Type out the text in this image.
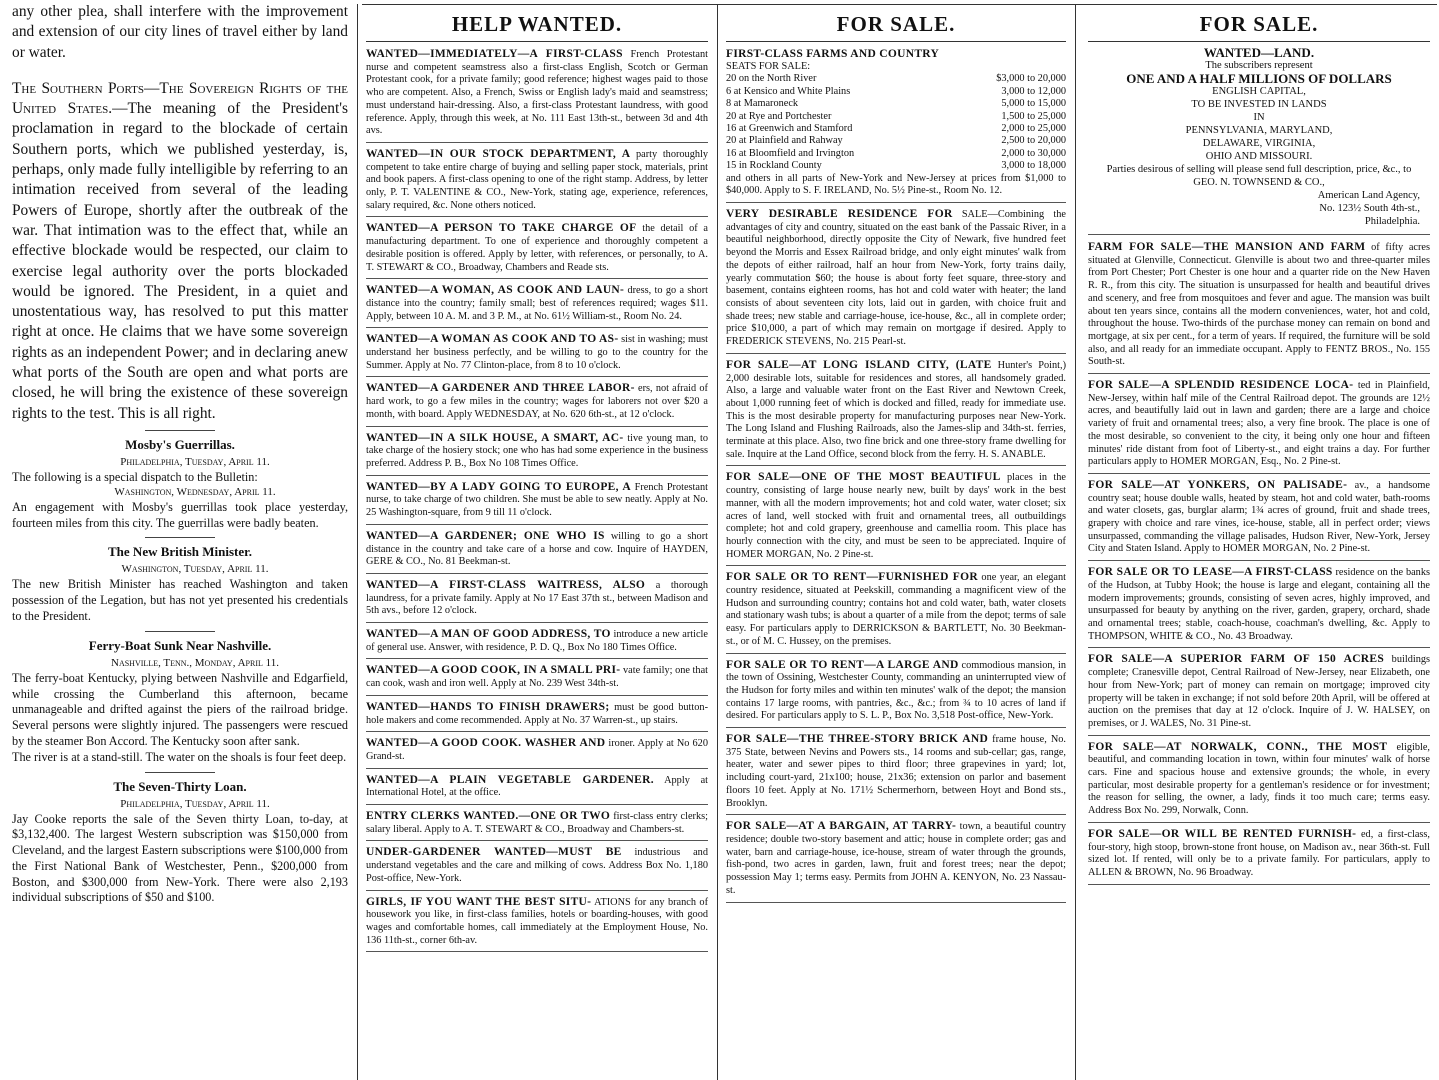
any other plea, shall interfere with the improvement and extension of our city lines of travel either by land or water.

The Southern Ports—The Sovereign Rights of the United States.—The meaning of the President's proclamation in regard to the blockade of certain Southern ports, which we published yesterday, is, perhaps, only made fully intelligible by referring to an intimation received from several of the leading Powers of Europe, shortly after the outbreak of the war. That intimation was to the effect that, while an effective blockade would be respected, our claim to exercise legal authority over the ports blockaded would be ignored. The President, in a quiet and unostentatious way, has resolved to put this matter right at once. He claims that we have some sovereign rights as an independent Power; and in declaring anew what ports of the South are open and what ports are closed, he will bring the existence of these sovereign rights to the test. This is all right.

Mosby's Guerrillas.
Philadelphia, Tuesday, April 11.

The following is a special dispatch to the Bulletin:

Washington, Wednesday, April 11.

An engagement with Mosby's guerrillas took place yesterday, fourteen miles from this city. The guerrillas were badly beaten.

The New British Minister.
Washington, Tuesday, April 11.

The new British Minister has reached Washington and taken possession of the Legation, but has not yet presented his credentials to the President.

Ferry-Boat Sunk Near Nashville.
Nashville, Tenn., Monday, April 11.

The ferry-boat Kentucky, plying between Nashville and Edgarfield, while crossing the Cumberland this afternoon, became unmanageable and drifted against the piers of the railroad bridge. Several persons were slightly injured. The passengers were rescued by the steamer Bon Accord. The Kentucky soon after sank.

The river is at a stand-still. The water on the shoals is four feet deep.

The Seven-Thirty Loan.
Philadelphia, Tuesday, April 11.

Jay Cooke reports the sale of the Seven thirty Loan, to-day, at $3,132,400. The largest Western subscription was $150,000 from Cleveland, and the largest Eastern subscriptions were $100,000 from the First National Bank of Westchester, Penn., $200,000 from Boston, and $300,000 from New-York. There were also 2,193 individual subscriptions of $50 and $100.

HELP WANTED.
WANTED—IMMEDIATELY—A FIRST-CLASS French Protestant nurse and competent seamstress also a first-class English, Scotch or German Protestant cook, for a private family; good reference; highest wages paid to those who are competent. Also, a French, Swiss or English lady's maid and seamstress; must understand hair-dressing. Also, a first-class Protestant laundress, with good reference. Apply, through this week, at No. 111 East 13th-st., between 3d and 4th avs.
WANTED—IN OUR STOCK DEPARTMENT, A party thoroughly competent to take entire charge of buying and selling paper stock, materials, print and book papers. A first-class opening to one of the right stamp. Address, by letter only, P. T. VALENTINE & CO., New-York, stating age, experience, references, salary required, &c. None others noticed.
WANTED—A PERSON TO TAKE CHARGE OF the detail of a manufacturing department. To one of experience and thoroughly competent a desirable position is offered. Apply by letter, with references, or personally, to A. T. STEWART & CO., Broadway, Chambers and Reade sts.
WANTED—A WOMAN, AS COOK AND LAUN- dress, to go a short distance into the country; family small; best of references required; wages $11. Apply, between 10 A. M. and 3 P. M., at No. 61½ William-st., Room No. 24.
WANTED—A WOMAN AS COOK AND TO AS- sist in washing; must understand her business perfectly, and be willing to go to the country for the Summer. Apply at No. 77 Clinton-place, from 8 to 10 o'clock.
WANTED—A GARDENER AND THREE LABOR- ers, not afraid of hard work, to go a few miles in the country; wages for laborers not over $20 a month, with board. Apply WEDNESDAY, at No. 620 6th-st., at 12 o'clock.
WANTED—IN A SILK HOUSE, A SMART, AC- tive young man, to take charge of the hosiery stock; one who has had some experience in the business preferred. Address P. B., Box No 108 Times Office.
WANTED—BY A LADY GOING TO EUROPE, A French Protestant nurse, to take charge of two children. She must be able to sew neatly. Apply at No. 25 Washington-square, from 9 till 11 o'clock.
WANTED—A GARDENER; ONE WHO IS willing to go a short distance in the country and take care of a horse and cow. Inquire of HAYDEN, GERE & CO., No. 81 Beekman-st.
WANTED—A FIRST-CLASS WAITRESS, ALSO a thorough laundress, for a private family. Apply at No 17 East 37th st., between Madison and 5th avs., before 12 o'clock.
WANTED—A MAN OF GOOD ADDRESS, TO introduce a new article of general use. Answer, with residence, P. D. Q., Box No 180 Times Office.
WANTED—A GOOD COOK, IN A SMALL PRI- vate family; one that can cook, wash and iron well. Apply at No. 239 West 34th-st.
WANTED—HANDS TO FINISH DRAWERS; must be good button-hole makers and come recommended. Apply at No. 37 Warren-st., up stairs.
WANTED—A GOOD COOK. WASHER AND ironer. Apply at No 620 Grand-st.
WANTED—A PLAIN VEGETABLE GARDENER. Apply at International Hotel, at the office.
ENTRY CLERKS WANTED.—ONE OR TWO first-class entry clerks; salary liberal. Apply to A. T. STEWART & CO., Broadway and Chambers-st.
UNDER-GARDENER WANTED—MUST BE industrious and understand vegetables and the care and milking of cows. Address Box No. 1,180 Post-office, New-York.
GIRLS, IF YOU WANT THE BEST SITU- ATIONS for any branch of housework you like, in first-class families, hotels or boarding-houses, with good wages and comfortable homes, call immediately at the Employment House, No. 136 11th-st., corner 6th-av.
FOR SALE.
FIRST-CLASS FARMS AND COUNTRY
SEATS FOR SALE:
20 on the North River	$3,000 to 20,000
6 at Kensico and White Plains	3,000 to 12,000
8 at Mamaroneck	5,000 to 15,000
20 at Rye and Portchester	1,500 to 25,000
16 at Greenwich and Stamford	2,000 to 25,000
20 at Plainfield and Rahway	2,500 to 20,000
16 at Bloomfield and Irvington	2,000 to 30,000
15 in Rockland County	3,000 to 18,000
and others in all parts of New-York and New-Jersey at prices from $1,000 to $40,000. Apply to S. F. IRELAND, No. 5½ Pine-st., Room No. 12.
VERY DESIRABLE RESIDENCE FOR SALE—Combining the advantages of city and country, situated on the east bank of the Passaic River, in a beautiful neighborhood, directly opposite the City of Newark, five hundred feet beyond the Morris and Essex Railroad bridge, and only eight minutes' walk from the depots of either railroad, half an hour from New-York, forty trains daily, yearly commutation $60; the house is about forty feet square, three-story and basement, contains eighteen rooms, has hot and cold water with heater; the land consists of about seventeen city lots, laid out in garden, with choice fruit and shade trees; new stable and carriage-house, ice-house, &c., all in complete order; price $10,000, a part of which may remain on mortgage if desired. Apply to FREDERICK STEVENS, No. 215 Pearl-st.
FOR SALE—AT LONG ISLAND CITY, (LATE Hunter's Point,) 2,000 desirable lots, suitable for residences and stores, all handsomely graded. Also, a large and valuable water front on the East River and Newtown Creek, about 1,000 running feet of which is docked and filled, ready for immediate use. This is the most desirable property for manufacturing purposes near New-York. The Long Island and Flushing Railroads, also the James-slip and 34th-st. ferries, terminate at this place. Also, two fine brick and one three-story frame dwelling for sale. Inquire at the Land Office, second block from the ferry. H. S. ANABLE.
FOR SALE—ONE OF THE MOST BEAUTIFUL places in the country, consisting of large house nearly new, built by days' work in the best manner, with all the modern improvements; hot and cold water, water closet; six acres of land, well stocked with fruit and ornamental trees, all outbuildings complete; hot and cold grapery, greenhouse and camellia room. This place has hourly connection with the city, and must be seen to be appreciated. Inquire of HOMER MORGAN, No. 2 Pine-st.
FOR SALE OR TO RENT—FURNISHED FOR one year, an elegant country residence, situated at Peekskill, commanding a magnificent view of the Hudson and surrounding country; contains hot and cold water, bath, water closets and stationary wash tubs; is about a quarter of a mile from the depot; terms of sale easy. For particulars apply to DERRICKSON & BARTLETT, No. 30 Beekman-st., or of M. C. Hussey, on the premises.
FOR SALE OR TO RENT—A LARGE AND commodious mansion, in the town of Ossining, Westchester County, commanding an uninterrupted view of the Hudson for forty miles and within ten minutes' walk of the depot; the mansion contains 17 large rooms, with pantries, &c., &c.; from ¾ to 10 acres of land if desired. For particulars apply to S. L. P., Box No. 3,518 Post-office, New-York.
FOR SALE—THE THREE-STORY BRICK AND frame house, No. 375 State, between Nevins and Powers sts., 14 rooms and sub-cellar; gas, range, heater, water and sewer pipes to third floor; three grapevines in yard; lot, including court-yard, 21x100; house, 21x36; extension on parlor and basement floors 10 feet. Apply at No. 171½ Schermerhorn, between Hoyt and Bond sts., Brooklyn.
FOR SALE—AT A BARGAIN, AT TARRY- town, a beautiful country residence; double two-story basement and attic; house in complete order; gas and water, barn and carriage-house, ice-house, stream of water through the grounds, fish-pond, two acres in garden, lawn, fruit and forest trees; near the depot; possession May 1; terms easy. Permits from JOHN A. KENYON, No. 23 Nassau-st.
FOR SALE.
WANTED—LAND.
The subscribers represent
ONE AND A HALF MILLIONS OF DOLLARS
ENGLISH CAPITAL,
TO BE INVESTED IN LANDS
IN
PENNSYLVANIA, MARYLAND,
DELAWARE, VIRGINIA,
OHIO AND MISSOURI.
Parties desirous of selling will please send full description, price, &c., to
GEO. N. TOWNSEND & CO.,
American Land Agency,
No. 123½ South 4th-st.,
Philadelphia.
FARM FOR SALE—THE MANSION AND FARM of fifty acres situated at Glenville, Connecticut. Glenville is about two and three-quarter miles from Port Chester; Port Chester is one hour and a quarter ride on the New Haven R. R., from this city. The situation is unsurpassed for health and beautiful drives and scenery, and free from mosquitoes and fever and ague. The mansion was built about ten years since, contains all the modern conveniences, water, hot and cold, throughout the house. Two-thirds of the purchase money can remain on bond and mortgage, at six per cent., for a term of years. If required, the furniture will be sold also, and all ready for an immediate occupant. Apply to FENTZ BROS., No. 155 South-st.
FOR SALE—A SPLENDID RESIDENCE LOCA- ted in Plainfield, New-Jersey, within half mile of the Central Railroad depot. The grounds are 12½ acres, and beautifully laid out in lawn and garden; there are a large and choice variety of fruit and ornamental trees; also, a very fine brook. The place is one of the most desirable, so convenient to the city, it being only one hour and fifteen minutes' ride distant from foot of Liberty-st., and eight trains a day. For further particulars apply to HOMER MORGAN, Esq., No. 2 Pine-st.
FOR SALE—AT YONKERS, ON PALISADE- av., a handsome country seat; house double walls, heated by steam, hot and cold water, bath-rooms and water closets, gas, burglar alarm; 1¾ acres of ground, fruit and shade trees, grapery with choice and rare vines, ice-house, stable, all in perfect order; views unsurpassed, commanding the village palisades, Hudson River, New-York, Jersey City and Staten Island. Apply to HOMER MORGAN, No. 2 Pine-st.
FOR SALE OR TO LEASE—A FIRST-CLASS residence on the banks of the Hudson, at Tubby Hook; the house is large and elegant, containing all the modern improvements; grounds, consisting of seven acres, highly improved, and unsurpassed for beauty by anything on the river, garden, grapery, orchard, shade and ornamental trees; stable, coach-house, coachman's dwelling, &c. Apply to THOMPSON, WHITE & CO., No. 43 Broadway.
FOR SALE—A SUPERIOR FARM OF 150 ACRES buildings complete; Cranesville depot, Central Railroad of New-Jersey, near Elizabeth, one hour from New-York; part of money can remain on mortgage; improved city property will be taken in exchange; if not sold before 20th April, will be offered at auction on the premises that day at 12 o'clock. Inquire of J. W. HALSEY, on premises, or J. WALES, No. 31 Pine-st.
FOR SALE—AT NORWALK, CONN., THE MOST eligible, beautiful, and commanding location in town, within four minutes' walk of horse cars. Fine and spacious house and extensive grounds; the whole, in every particular, most desirable property for a gentleman's residence or for investment; the reason for selling, the owner, a lady, finds it too much care; terms easy. Address Box No. 299, Norwalk, Conn.
FOR SALE—OR WILL BE RENTED FURNISH- ed, a first-class, four-story, high stoop, brown-stone front house, on Madison av., near 36th-st. Full sized lot. If rented, will only be to a private family. For particulars, apply to ALLEN & BROWN, No. 96 Broadway.
